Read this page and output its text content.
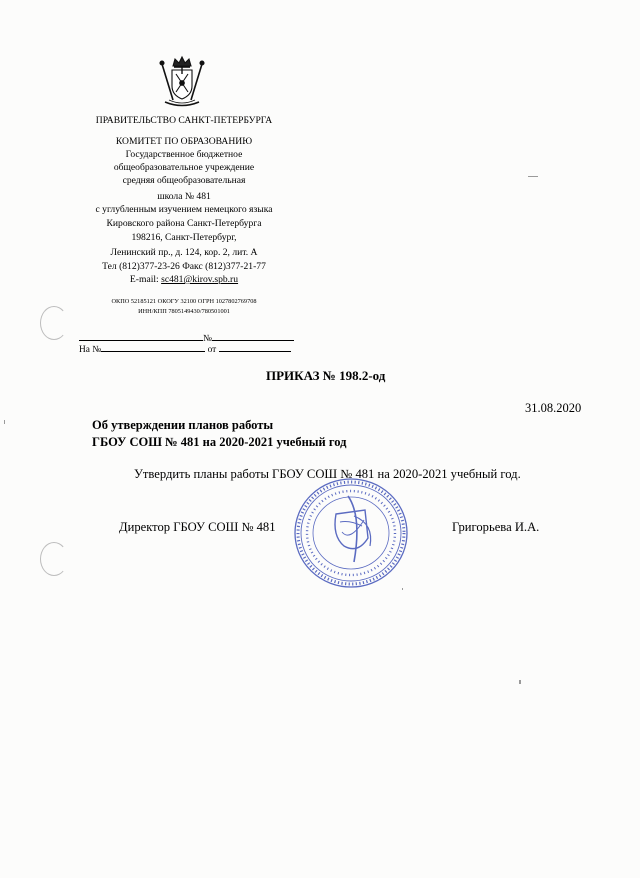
ПРАВИТЕЛЬСТВО САНКТ-ПЕТЕРБУРГА
КОМИТЕТ ПО ОБРАЗОВАНИЮ
Государственное бюджетное
общеобразовательное учреждение
средняя общеобразовательная
школа № 481
с углубленным изучением немецкого языка
Кировского района Санкт-Петербурга
198216, Санкт-Петербург,
Ленинский пр., д. 124, кор. 2, лит. А
Тел (812)377-23-26 Факс (812)377-21-77
E-mail: sc481@kirov.spb.ru
ОКПО 52185121 ОКОГУ 32100 ОГРН 1027802769708
ИНН/КПП 7805149430/780501001
№
На №	от
ПРИКАЗ № 198.2-од
31.08.2020
Об утверждении планов работы
ГБОУ СОШ № 481 на 2020-2021 учебный год
Утвердить планы работы ГБОУ СОШ № 481 на 2020-2021 учебный год.
Директор ГБОУ СОШ № 481	Григорьева И.А.
